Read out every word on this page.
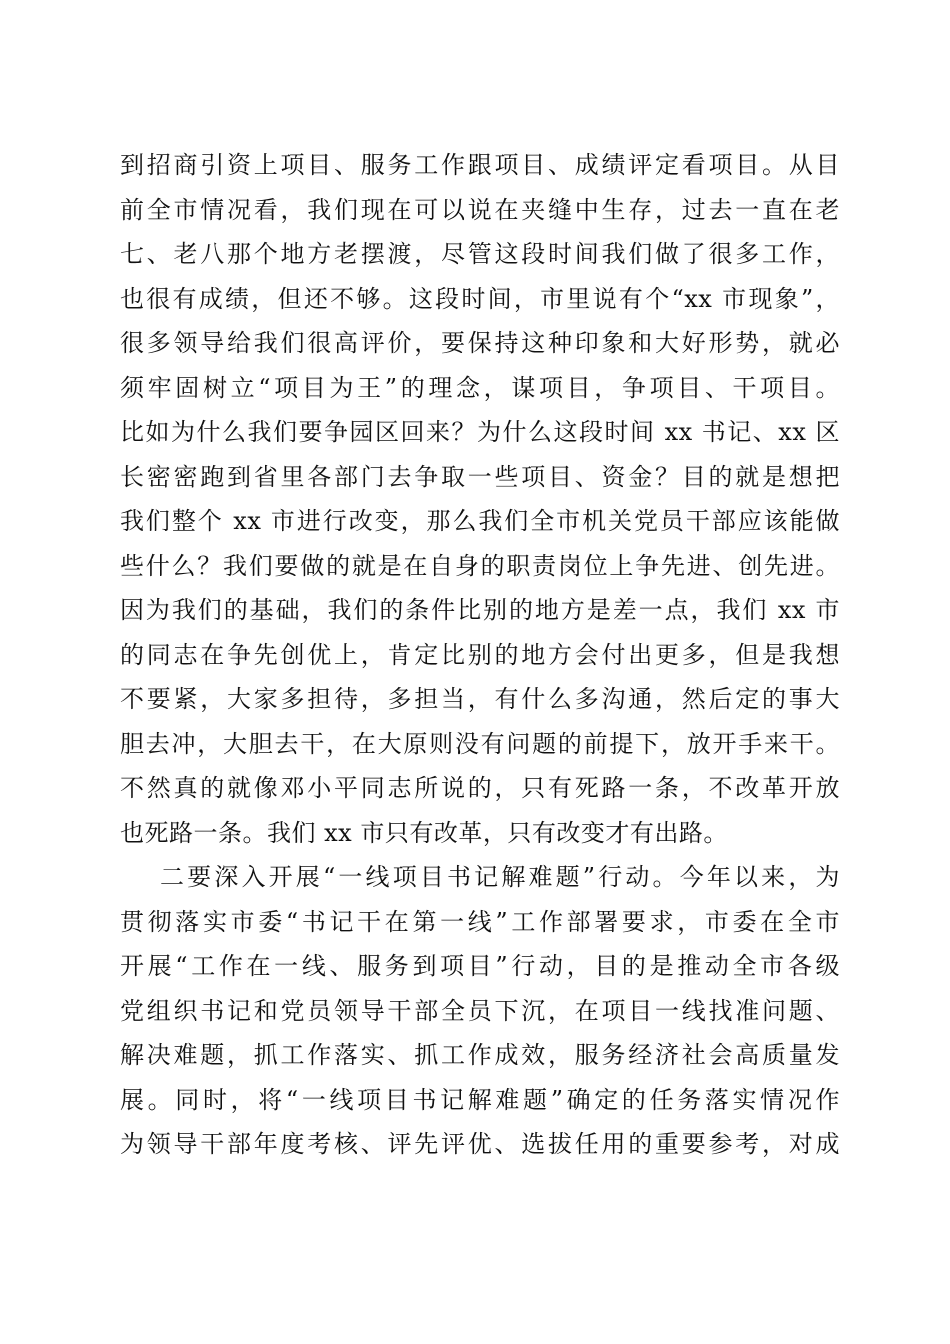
到招商引资上项目、服务工作跟项目、成绩评定看项目。从目
前全市情况看，我们现在可以说在夹缝中生存，过去一直在老
七、老八那个地方老摆渡，尽管这段时间我们做了很多工作，
也很有成绩，但还不够。这段时间，市里说有个“xx 市现象”，
很多领导给我们很高评价，要保持这种印象和大好形势，就必
须牢固树立“项目为王”的理念，谋项目，争项目、干项目。
比如为什么我们要争园区回来？为什么这段时间 xx 书记、xx 区
长密密跑到省里各部门去争取一些项目、资金？目的就是想把
我们整个 xx 市进行改变，那么我们全市机关党员干部应该能做
些什么？我们要做的就是在自身的职责岗位上争先进、创先进。
因为我们的基础，我们的条件比别的地方是差一点，我们 xx 市
的同志在争先创优上，肯定比别的地方会付出更多，但是我想
不要紧，大家多担待，多担当，有什么多沟通，然后定的事大
胆去冲，大胆去干，在大原则没有问题的前提下，放开手来干。
不然真的就像邓小平同志所说的，只有死路一条，不改革开放
也死路一条。我们 xx 市只有改革，只有改变才有出路。
二要深入开展“一线项目书记解难题”行动。今年以来，为
贯彻落实市委“书记干在第一线”工作部署要求，市委在全市
开展“工作在一线、服务到项目”行动，目的是推动全市各级
党组织书记和党员领导干部全员下沉，在项目一线找准问题、
解决难题，抓工作落实、抓工作成效，服务经济社会高质量发
展。同时，将“一线项目书记解难题”确定的任务落实情况作
为领导干部年度考核、评先评优、选拔任用的重要参考，对成
